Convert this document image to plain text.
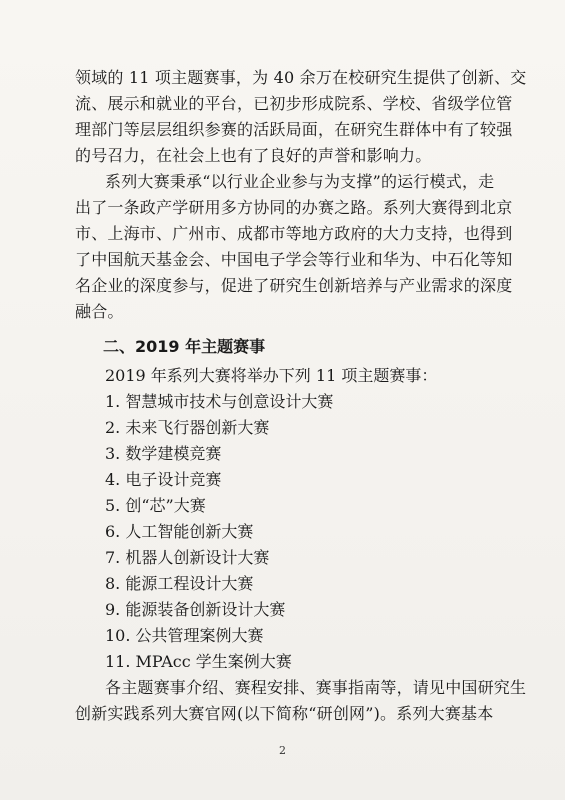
领域的 11 项主题赛事，为 40 余万在校研究生提供了创新、交

流、展示和就业的平台，已初步形成院系、学校、省级学位管

理部门等层层组织参赛的活跃局面，在研究生群体中有了较强

的号召力，在社会上也有了良好的声誉和影响力。

系列大赛秉承“以行业企业参与为支撑”的运行模式，走

出了一条政产学研用多方协同的办赛之路。系列大赛得到北京

市、上海市、广州市、成都市等地方政府的大力支持，也得到

了中国航天基金会、中国电子学会等行业和华为、中石化等知

名企业的深度参与，促进了研究生创新培养与产业需求的深度

融合。

二、2019 年主题赛事

2019 年系列大赛将举办下列 11 项主题赛事：

1. 智慧城市技术与创意设计大赛
2. 未来飞行器创新大赛
3. 数学建模竞赛
4. 电子设计竞赛
5. 创“芯”大赛
6. 人工智能创新大赛
7. 机器人创新设计大赛
8. 能源工程设计大赛
9. 能源装备创新设计大赛
10. 公共管理案例大赛
11. MPAcc 学生案例大赛

各主题赛事介绍、赛程安排、赛事指南等，请见中国研究生

创新实践系列大赛官网(以下简称“研创网”)。系列大赛基本

2
